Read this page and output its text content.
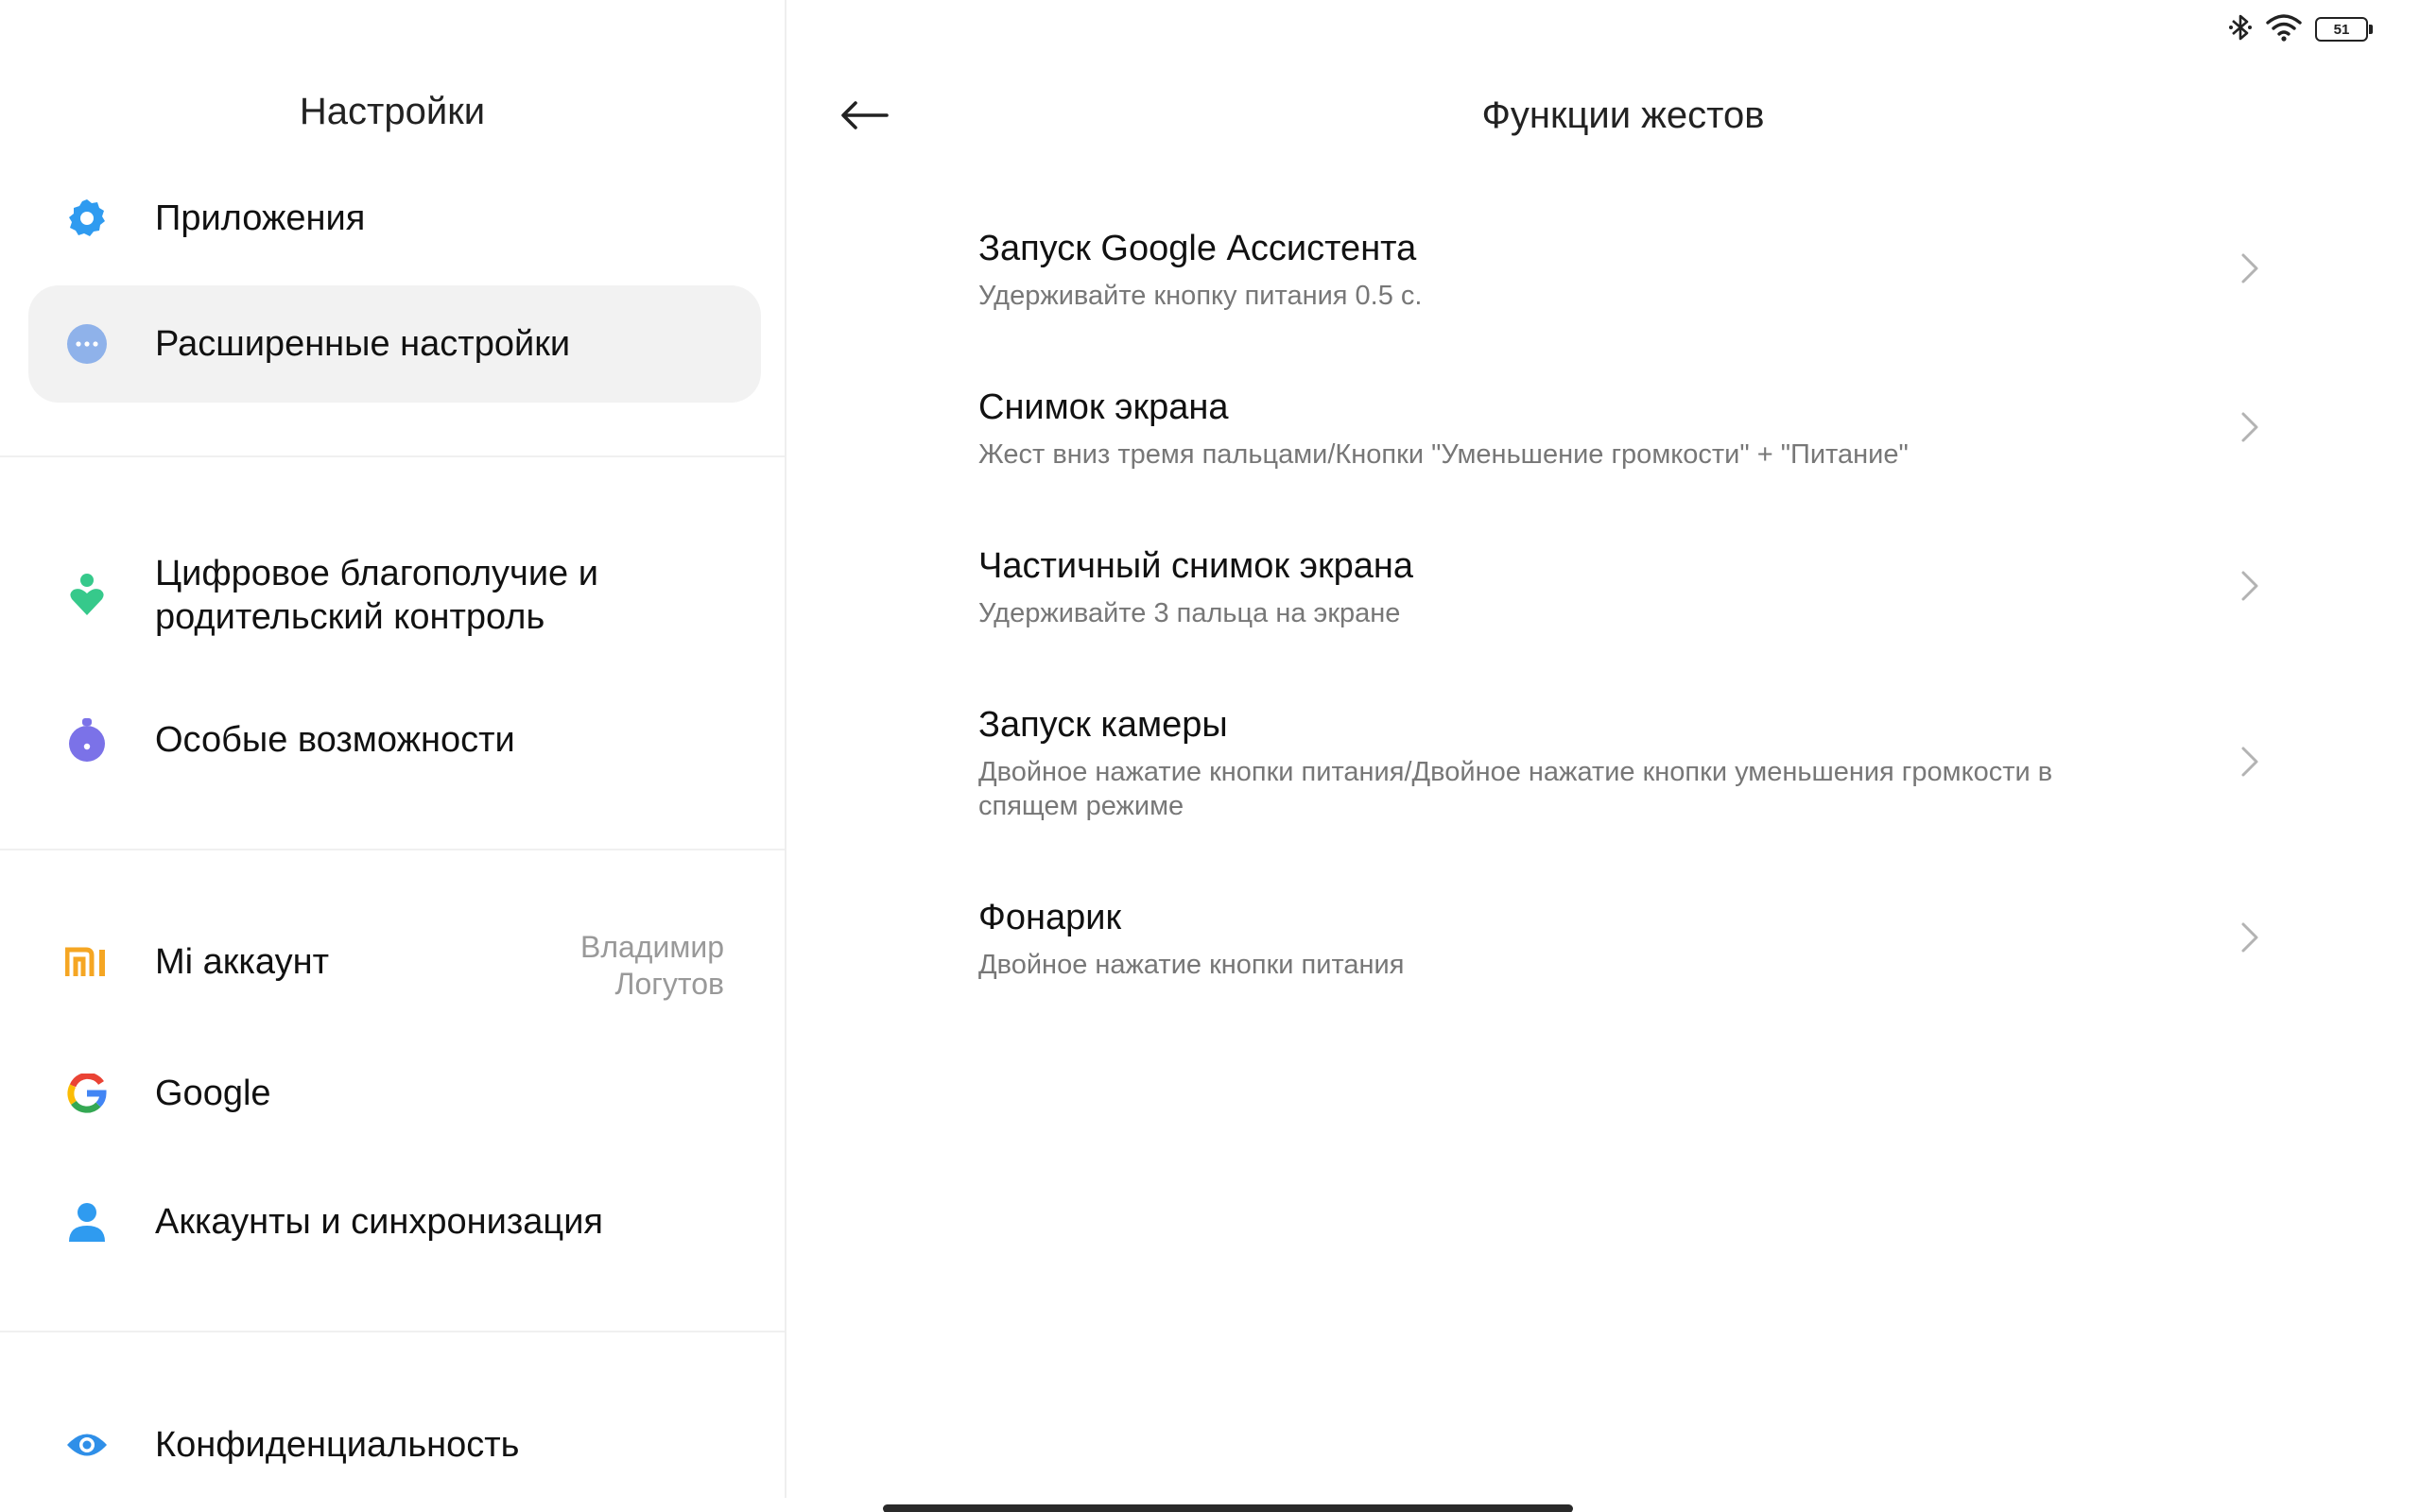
51
Настройки
Приложения
Расширенные настройки
Цифровое благополучие и
родительский контроль
Особые возможности
Mi аккаунт	Владимир
Логутов
Google
Аккаунты и синхронизация
Конфиденциальность
Функции жестов
Запуск Google Ассистента
Удерживайте кнопку питания 0.5 с.
Снимок экрана
Жест вниз тремя пальцами/Кнопки "Уменьшение громкости" + "Питание"
Частичный снимок экрана
Удерживайте 3 пальца на экране
Запуск камеры
Двойное нажатие кнопки питания/Двойное нажатие кнопки уменьшения громкости в спящем режиме
Фонарик
Двойное нажатие кнопки питания
